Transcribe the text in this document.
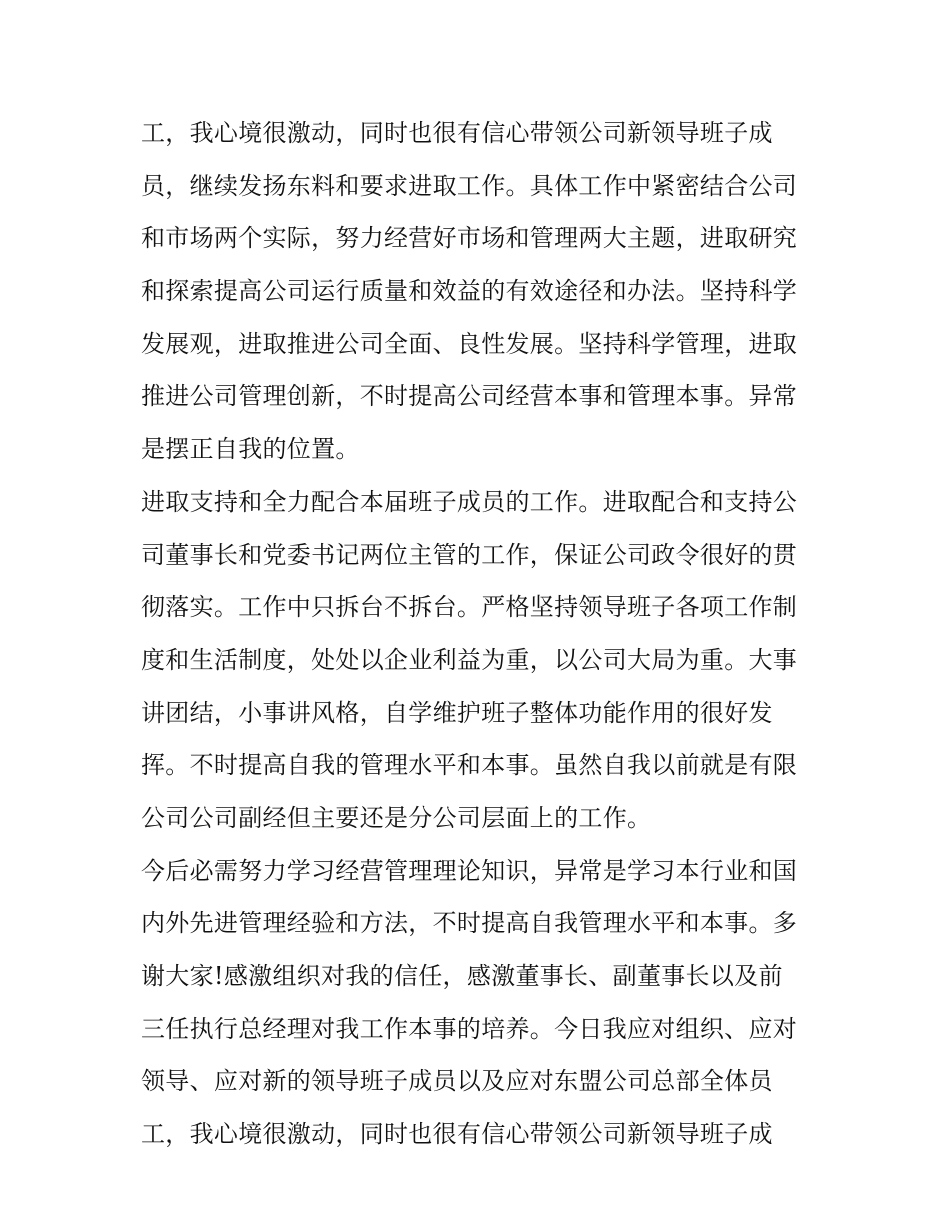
工，我心境很激动，同时也很有信心带领公司新领导班子成
员，继续发扬东料和要求进取工作。具体工作中紧密结合公司
和市场两个实际，努力经营好市场和管理两大主题，进取研究
和探索提高公司运行质量和效益的有效途径和办法。坚持科学
发展观，进取推进公司全面、良性发展。坚持科学管理，进取
推进公司管理创新，不时提高公司经营本事和管理本事。异常
是摆正自我的位置。
进取支持和全力配合本届班子成员的工作。进取配合和支持公
司董事长和党委书记两位主管的工作，保证公司政令很好的贯
彻落实。工作中只拆台不拆台。严格坚持领导班子各项工作制
度和生活制度，处处以企业利益为重，以公司大局为重。大事
讲团结，小事讲风格，自学维护班子整体功能作用的很好发
挥。不时提高自我的管理水平和本事。虽然自我以前就是有限
公司公司副经但主要还是分公司层面上的工作。
今后必需努力学习经营管理理论知识，异常是学习本行业和国
内外先进管理经验和方法，不时提高自我管理水平和本事。多
谢大家!感激组织对我的信任，感激董事长、副董事长以及前
三任执行总经理对我工作本事的培养。今日我应对组织、应对
领导、应对新的领导班子成员以及应对东盟公司总部全体员
工，我心境很激动，同时也很有信心带领公司新领导班子成
